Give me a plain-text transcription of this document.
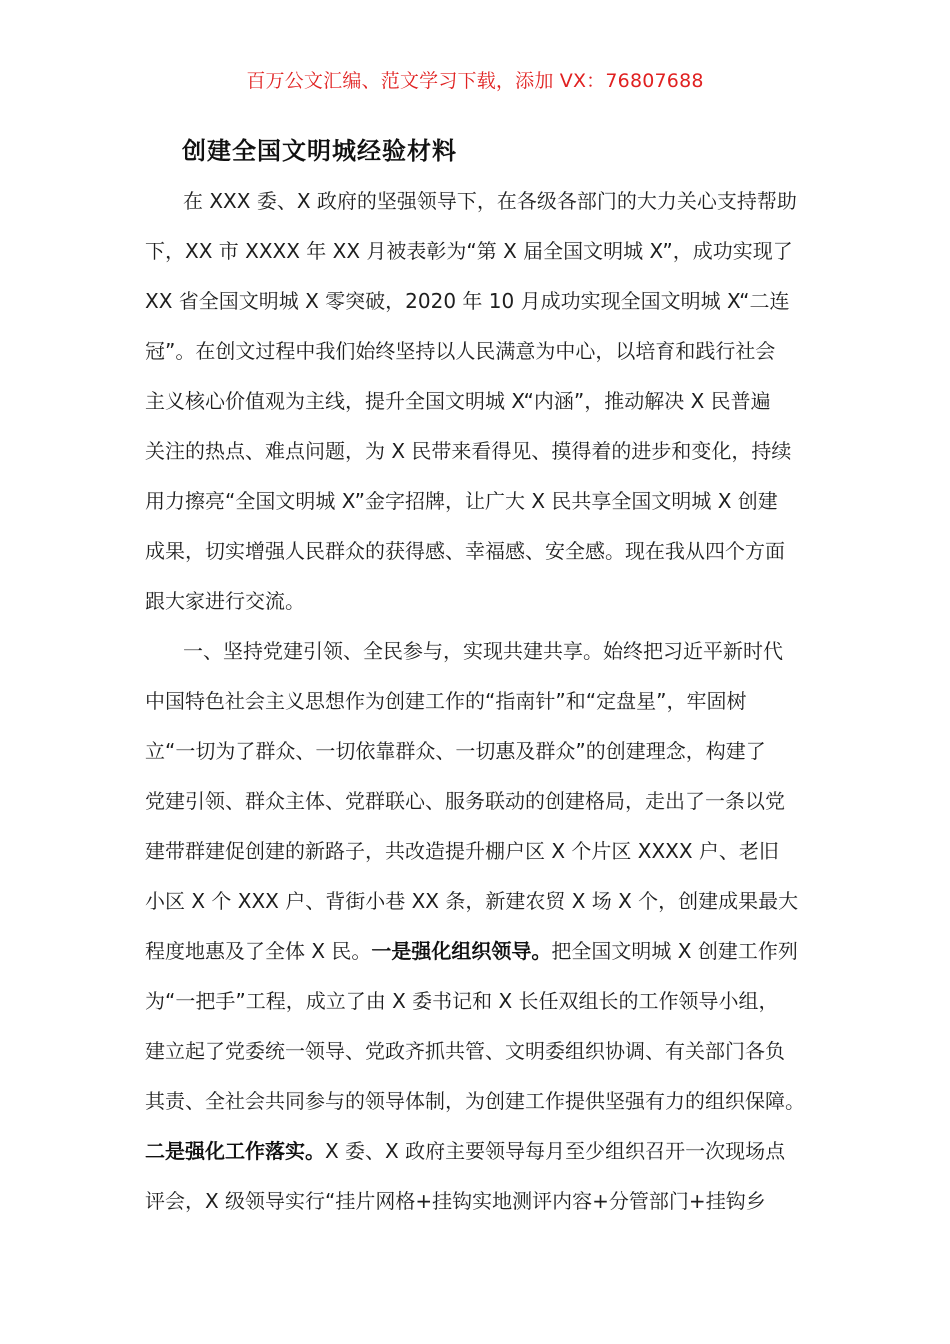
百万公文汇编、范文学习下载，添加 VX：76807688
创建全国文明城经验材料
在 XXX 委、X 政府的坚强领导下，在各级各部门的大力关心支持帮助
下，XX 市 XXXX 年 XX 月被表彰为“第 X 届全国文明城 X”，成功实现了
XX 省全国文明城 X 零突破，2020 年 10 月成功实现全国文明城 X“二连
冠”。在创文过程中我们始终坚持以人民满意为中心，以培育和践行社会
主义核心价值观为主线，提升全国文明城 X“内涵”，推动解决 X 民普遍
关注的热点、难点问题，为 X 民带来看得见、摸得着的进步和变化，持续
用力擦亮“全国文明城 X”金字招牌，让广大 X 民共享全国文明城 X 创建
成果，切实增强人民群众的获得感、幸福感、安全感。现在我从四个方面
跟大家进行交流。
一、坚持党建引领、全民参与，实现共建共享。始终把习近平新时代
中国特色社会主义思想作为创建工作的“指南针”和“定盘星”，牢固树
立“一切为了群众、一切依靠群众、一切惠及群众”的创建理念，构建了
党建引领、群众主体、党群联心、服务联动的创建格局，走出了一条以党
建带群建促创建的新路子，共改造提升棚户区 X 个片区 XXXX 户、老旧
小区 X 个 XXX 户、背街小巷 XX 条，新建农贸 X 场 X 个，创建成果最大
程度地惠及了全体 X 民。一是强化组织领导。把全国文明城 X 创建工作列
为“一把手”工程，成立了由 X 委书记和 X 长任双组长的工作领导小组，
建立起了党委统一领导、党政齐抓共管、文明委组织协调、有关部门各负
其责、全社会共同参与的领导体制，为创建工作提供坚强有力的组织保障。
二是强化工作落实。X 委、X 政府主要领导每月至少组织召开一次现场点
评会，X 级领导实行“挂片网格+挂钩实地测评内容+分管部门+挂钩乡
